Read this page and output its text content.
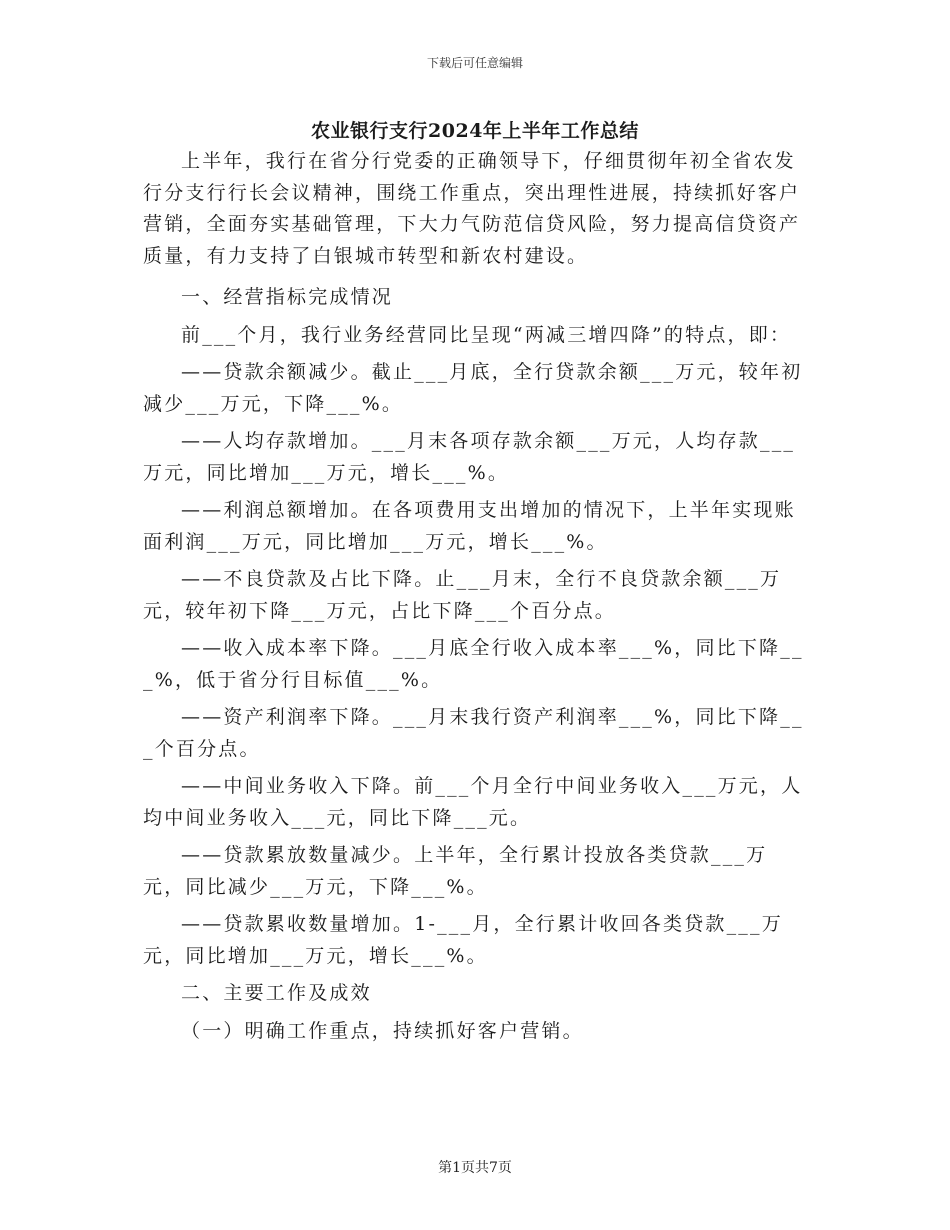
下载后可任意编辑
农业银行支行2024年上半年工作总结

上半年，我行在省分行党委的正确领导下，仔细贯彻年初全省农发行分支行行长会议精神，围绕工作重点，突出理性进展，持续抓好客户营销，全面夯实基础管理，下大力气防范信贷风险，努力提高信贷资产质量，有力支持了白银城市转型和新农村建设。

一、经营指标完成情况

前___个月，我行业务经营同比呈现“两减三增四降”的特点，即：

——贷款余额减少。截止___月底，全行贷款余额___万元，较年初减少___万元，下降___%。

——人均存款增加。___月末各项存款余额___万元，人均存款___万元，同比增加___万元，增长___%。

——利润总额增加。在各项费用支出增加的情况下，上半年实现账面利润___万元，同比增加___万元，增长___%。

——不良贷款及占比下降。止___月末，全行不良贷款余额___万元，较年初下降___万元，占比下降___个百分点。

——收入成本率下降。___月底全行收入成本率___%，同比下降___%，低于省分行目标值___%。

——资产利润率下降。___月末我行资产利润率___%，同比下降___个百分点。

——中间业务收入下降。前___个月全行中间业务收入___万元，人均中间业务收入___元，同比下降___元。

——贷款累放数量减少。上半年，全行累计投放各类贷款___万元，同比减少___万元，下降___%。

——贷款累收数量增加。1-___月，全行累计收回各类贷款___万元，同比增加___万元，增长___%。

二、主要工作及成效

（一）明确工作重点，持续抓好客户营销。

第1页共7页
